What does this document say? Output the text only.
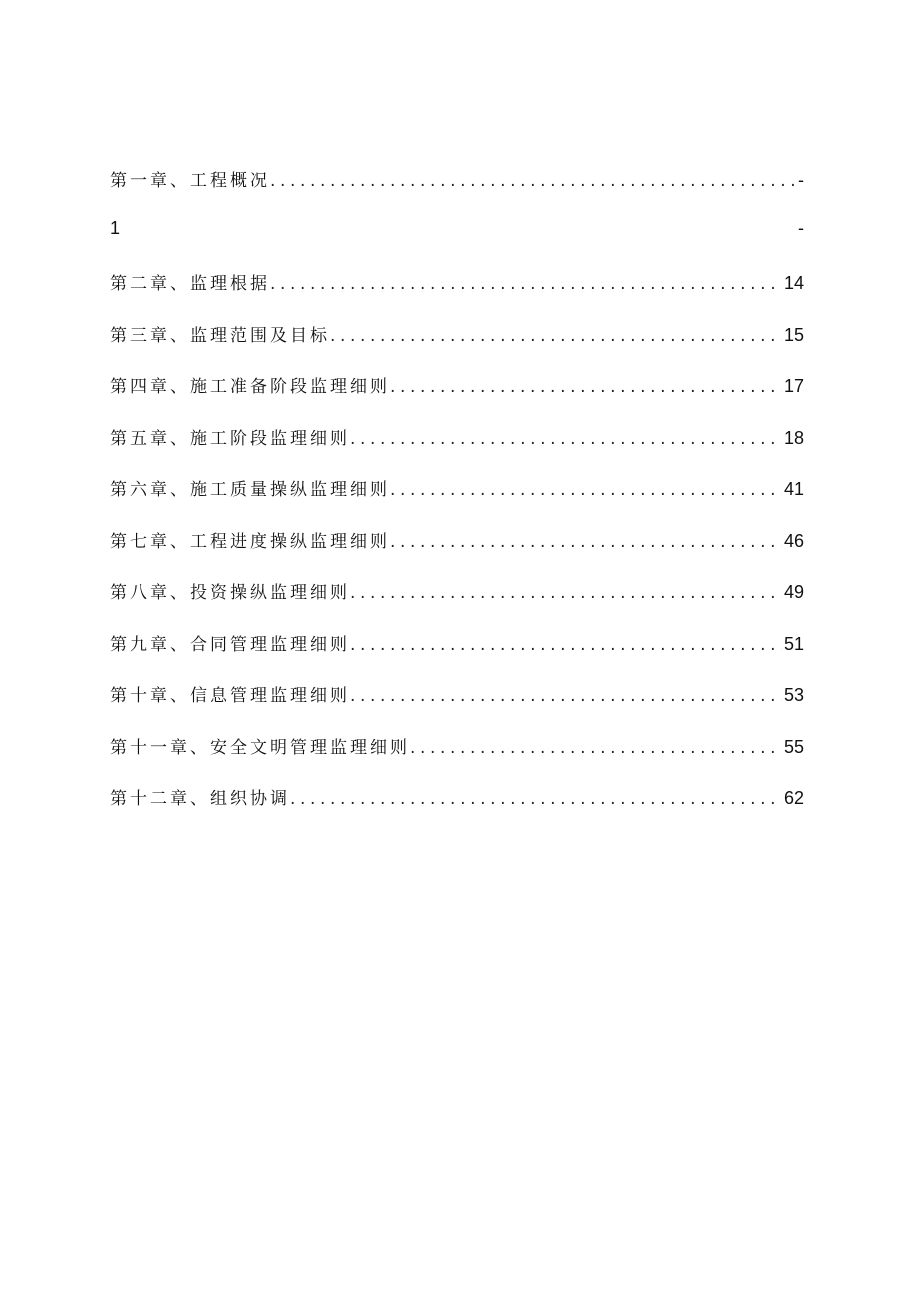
第一章、工程概况 .....	-
1	-
第二章、监理根据 .....	14
第三章、监理范围及目标 .....	15
第四章、施工准备阶段监理细则 .....	17
第五章、施工阶段监理细则 .....	18
第六章、施工质量操纵监理细则 .....	41
第七章、工程进度操纵监理细则 .....	46
第八章、投资操纵监理细则 .....	49
第九章、合同管理监理细则 .....	51
第十章、信息管理监理细则 .....	53
第十一章、安全文明管理监理细则 .....	55
第十二章、组织协调 .....	62
